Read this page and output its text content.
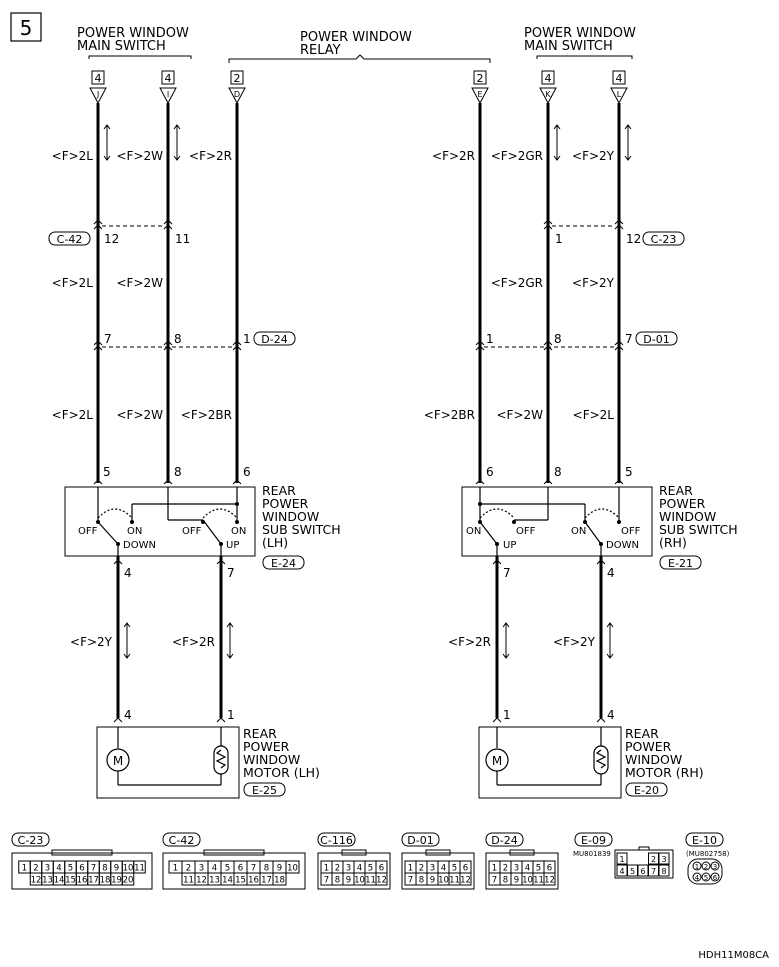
5	POWER WINDOW
MAIN SWITCH
POWER WINDOW
RELAY
POWER WINDOW
MAIN SWITCH
4
J
4
I
2
D
2
E
4
K
4
L
<F>2L <F>2W <F>2R	<F>2R <F>2GR <F>2Y
C-42 12	11	1	12 C-23
<F>2L <F>2W	<F>2GR <F>2Y
7	8	1 D-24	1	8	7 D-01
<F>2L <F>2W <F>2BR	<F>2BR <F>2W <F>2L
5	8	6
OFF	ON
DOWN
OFF	ON
UP
4	7
REAR
POWER
WINDOW
SUB SWITCH
(LH)
E-24
6	8	5
ON	OFF
UP
ON	OFF
DOWN
7	4
REAR
POWER
WINDOW
SUB SWITCH
(RH)
E-21
<F>2Y	<F>2R	<F>2R	<F>2Y
4	1
M
REAR
POWER
WINDOW
MOTOR (LH)
E-25
1	4
M
REAR
POWER
WINDOW
MOTOR (RH)
E-20
C-23
1 2 3 4 5 6 7 8 9 10 11
12 13 14 15 16 17 18 19 20
C-42
1 2 3 4 5 6 7 8 9 10
11 12 13 14 15 16 17 18
C-116
1 2 3 4 5 6
7 8 9 10 11 12
D-01
1 2 3 4 5 6
7 8 9 10 11 12
D-24
1 2 3 4 5 6
7 8 9 10 11 12
E-09
MU801839
1	2 3
4 5 6 7 8
E-10
(MU802758)
1 2 3
4 5 6
HDH11M08CA
